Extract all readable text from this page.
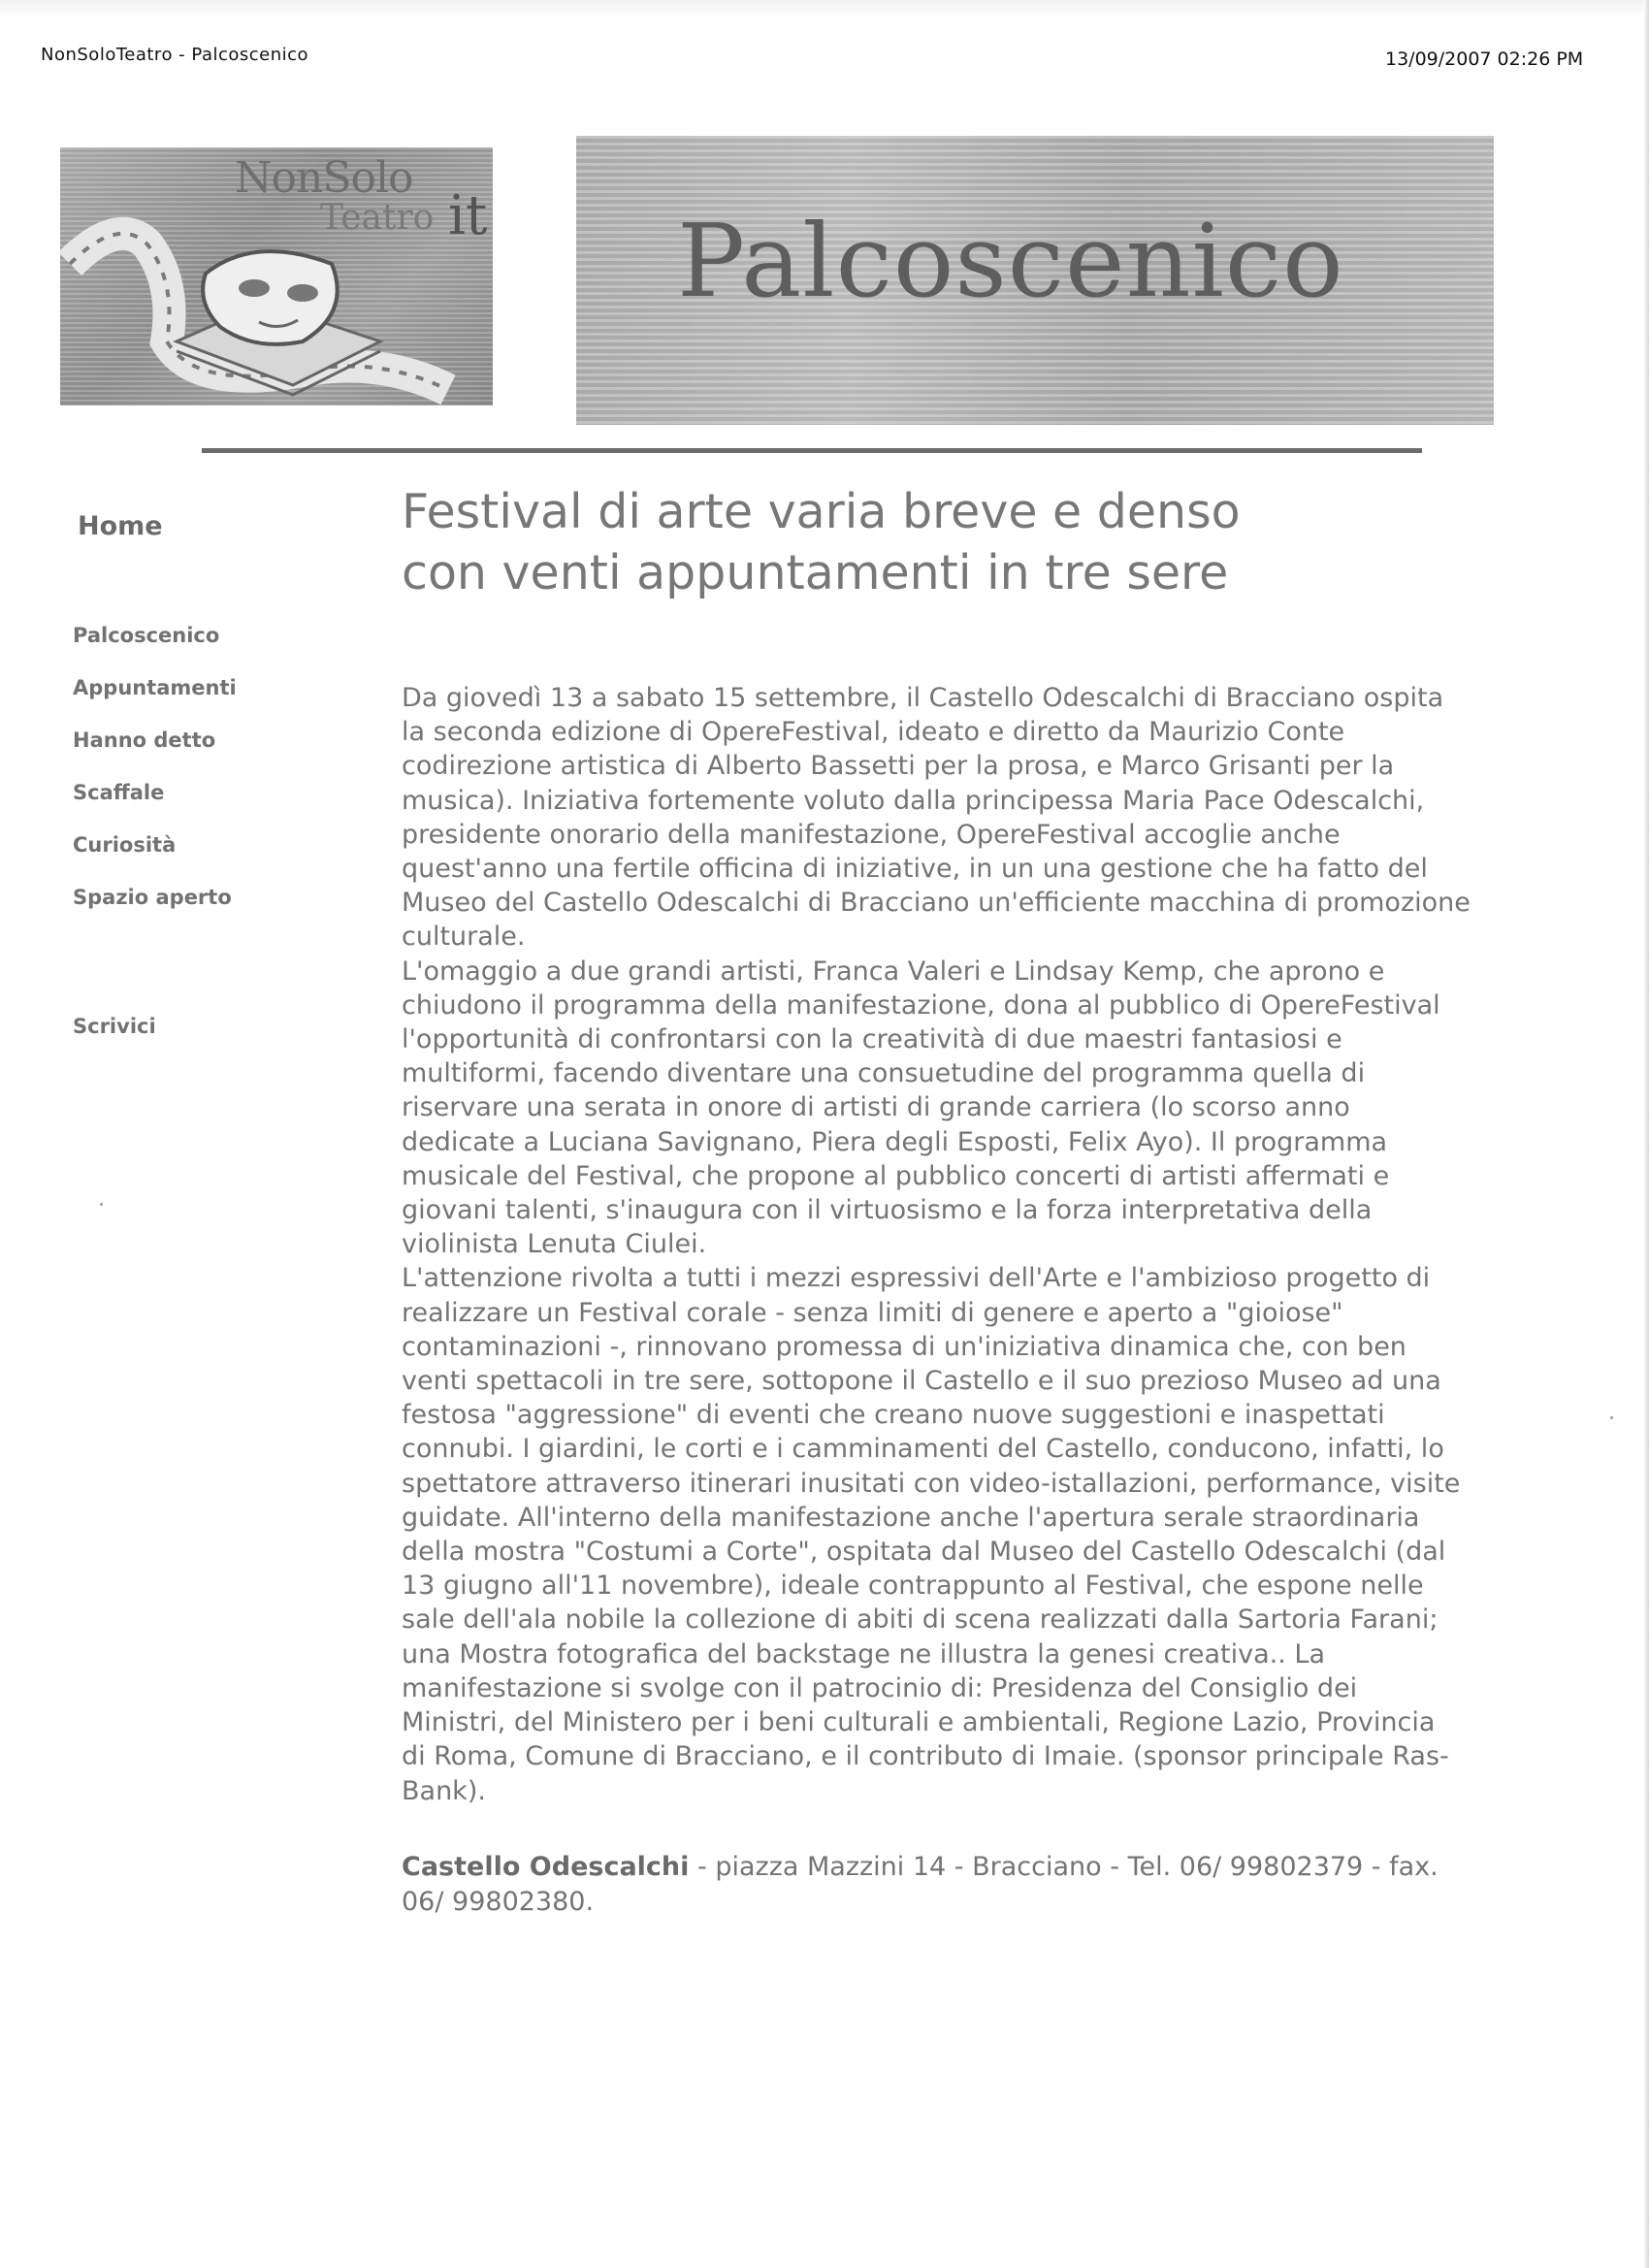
NonSoloTeatro - Palcoscenico	13/09/2007 02:26 PM
NonSolo
Teatro it Palcoscenico
Home
Palcoscenico
Appuntamenti
Hanno detto
Scaffale
Curiosità
Spazio aperto
Scrivici
Festival di arte varia breve e denso
con venti appuntamenti in tre sere
Da giovedì 13 a sabato 15 settembre, il Castello Odescalchi di Bracciano ospita
la seconda edizione di OpereFestival, ideato e diretto da Maurizio Conte
codirezione artistica di Alberto Bassetti per la prosa, e Marco Grisanti per la
musica). Iniziativa fortemente voluto dalla principessa Maria Pace Odescalchi,
presidente onorario della manifestazione, OpereFestival accoglie anche
quest'anno una fertile officina di iniziative, in un una gestione che ha fatto del
Museo del Castello Odescalchi di Bracciano un'efficiente macchina di promozione
culturale.
L'omaggio a due grandi artisti, Franca Valeri e Lindsay Kemp, che aprono e
chiudono il programma della manifestazione, dona al pubblico di OpereFestival
l'opportunità di confrontarsi con la creatività di due maestri fantasiosi e
multiformi, facendo diventare una consuetudine del programma quella di
riservare una serata in onore di artisti di grande carriera (lo scorso anno
dedicate a Luciana Savignano, Piera degli Esposti, Felix Ayo). Il programma
musicale del Festival, che propone al pubblico concerti di artisti affermati e
giovani talenti, s'inaugura con il virtuosismo e la forza interpretativa della
violinista Lenuta Ciulei.
L'attenzione rivolta a tutti i mezzi espressivi dell'Arte e l'ambizioso progetto di
realizzare un Festival corale - senza limiti di genere e aperto a "gioiose"
contaminazioni -, rinnovano promessa di un'iniziativa dinamica che, con ben
venti spettacoli in tre sere, sottopone il Castello e il suo prezioso Museo ad una
festosa "aggressione" di eventi che creano nuove suggestioni e inaspettati
connubi. I giardini, le corti e i camminamenti del Castello, conducono, infatti, lo
spettatore attraverso itinerari inusitati con video-istallazioni, performance, visite
guidate. All'interno della manifestazione anche l'apertura serale straordinaria
della mostra "Costumi a Corte", ospitata dal Museo del Castello Odescalchi (dal
13 giugno all'11 novembre), ideale contrappunto al Festival, che espone nelle
sale dell'ala nobile la collezione di abiti di scena realizzati dalla Sartoria Farani;
una Mostra fotografica del backstage ne illustra la genesi creativa.. La
manifestazione si svolge con il patrocinio di: Presidenza del Consiglio dei
Ministri, del Ministero per i beni culturali e ambientali, Regione Lazio, Provincia
di Roma, Comune di Bracciano, e il contributo di Imaie. (sponsor principale Ras-
Bank).
Castello Odescalchi - piazza Mazzini 14 - Bracciano - Tel. 06/ 99802379 - fax.
06/ 99802380.
